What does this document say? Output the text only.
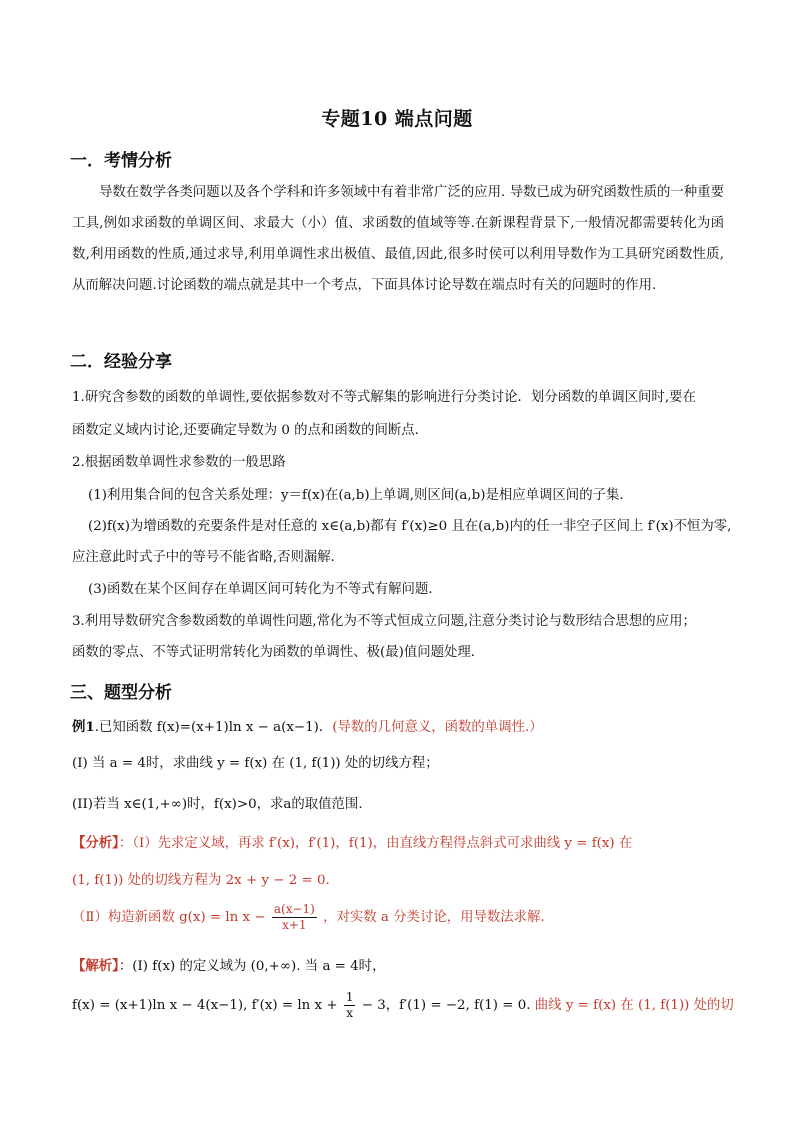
专题10 端点问题
一．考情分析
导数在数学各类问题以及各个学科和许多领域中有着非常广泛的应用. 导数已成为研究函数性质的一种重要工具,例如求函数的单调区间、求最大（小）值、求函数的值域等等.在新课程背景下,一般情况都需要转化为函数,利用函数的性质,通过求导,利用单调性求出极值、最值,因此,很多时侯可以利用导数作为工具研究函数性质,从而解决问题.讨论函数的端点就是其中一个考点，下面具体讨论导数在端点时有关的问题时的作用.
二．经验分享
1.研究含参数的函数的单调性,要依据参数对不等式解集的影响进行分类讨论．划分函数的单调区间时,要在
函数定义域内讨论,还要确定导数为 0 的点和函数的间断点．
2.根据函数单调性求参数的一般思路
(1)利用集合间的包含关系处理：y＝f(x)在(a,b)上单调,则区间(a,b)是相应单调区间的子集．
(2)f(x)为增函数的充要条件是对任意的 x∈(a,b)都有 f′(x)≥0 且在(a,b)内的任一非空子区间上 f′(x)不恒为零,
应注意此时式子中的等号不能省略,否则漏解．
(3)函数在某个区间存在单调区间可转化为不等式有解问题．
3.利用导数研究含参数函数的单调性问题,常化为不等式恒成立问题,注意分类讨论与数形结合思想的应用；
函数的零点、不等式证明常转化为函数的单调性、极(最)值问题处理．
三、题型分析
例1.已知函数 f(x)=(x+1)ln x − a(x−1)．(导数的几何意义，函数的单调性.）
(I) 当 a = 4时，求曲线 y = f(x) 在 (1, f(1)) 处的切线方程；
(II)若当 x∈(1,+∞)时，f(x)>0，求a的取值范围.
【分析】：（Ⅰ）先求定义域，再求 f′(x)，f′(1)，f(1)，由直线方程得点斜式可求曲线 y = f(x) 在
(1, f(1)) 处的切线方程为 2x + y − 2 = 0.
（Ⅱ）构造新函数 $g(x) = \ln x - \frac{a(x-1)}{x+1}$ ，对实数 a 分类讨论，用导数法求解.
【解析】：(I) f(x) 的定义域为 (0,+∞). 当 a = 4时，
f(x) = (x+1)ln x − 4(x−1), $f'(x) = \ln x + \frac{1}{x} - 3$，f′(1) = −2, f(1) = 0. 曲线 y = f(x) 在 (1, f(1)) 处的切
